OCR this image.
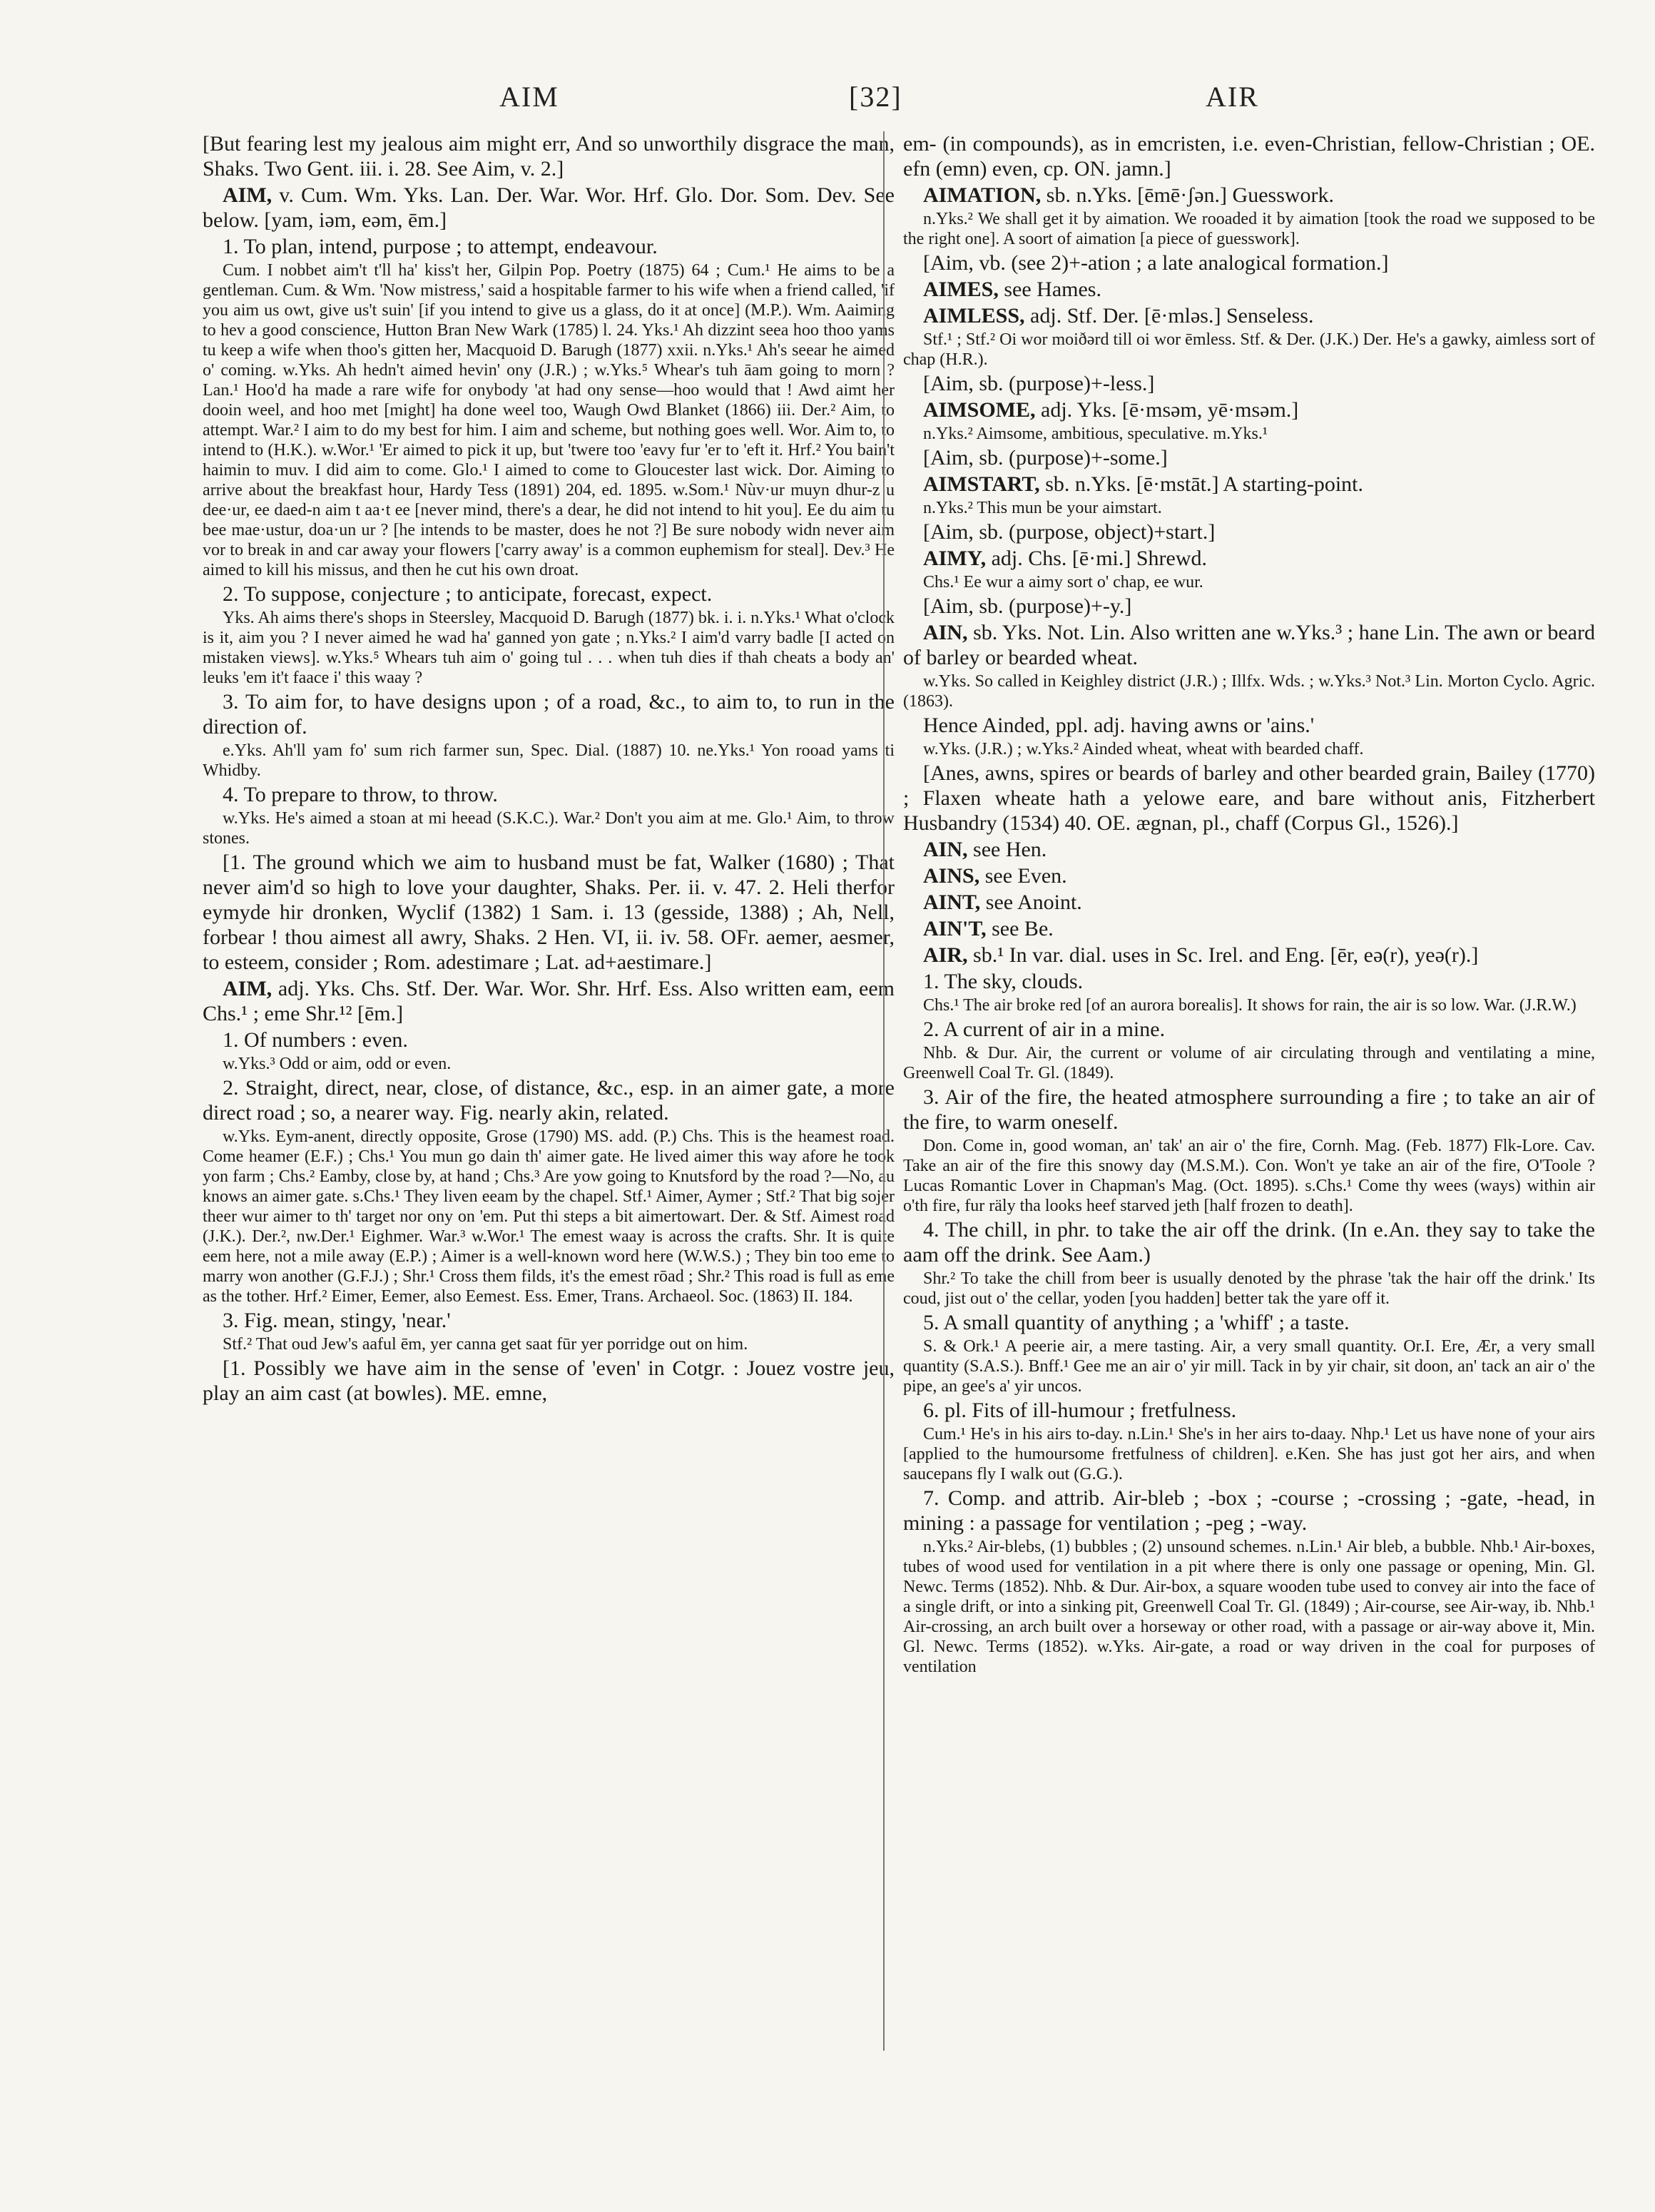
AIM	[32]	AIR

[But fearing lest my jealous aim might err, And so unworthily disgrace the man, Shaks. Two Gent. iii. i. 28. See Aim, v. 2.]

AIM, v. Cum. Wm. Yks. Lan. Der. War. Wor. Hrf. Glo. Dor. Som. Dev. See below. [yam, iəm, eəm, ēm.]

1. To plan, intend, purpose ; to attempt, endeavour.

Cum. I nobbet aim't t'll ha' kiss't her, Gilpin Pop. Poetry (1875) 64 ; Cum.¹ He aims to be a gentleman. Cum. & Wm. 'Now mistress,' said a hospitable farmer to his wife when a friend called, 'if you aim us owt, give us't suin' [if you intend to give us a glass, do it at once] (M.P.). Wm. Aaiming to hev a good conscience, Hutton Bran New Wark (1785) l. 24. Yks.¹ Ah dizzint seea hoo thoo yams tu keep a wife when thoo's gitten her, Macquoid D. Barugh (1877) xxii. n.Yks.¹ Ah's seear he aimed o' coming. w.Yks. Ah hedn't aimed hevin' ony (J.R.) ; w.Yks.⁵ Whear's tuh āam going to morn ? Lan.¹ Hoo'd ha made a rare wife for onybody 'at had ony sense—hoo would that ! Awd aimt her dooin weel, and hoo met [might] ha done weel too, Waugh Owd Blanket (1866) iii. Der.² Aim, to attempt. War.² I aim to do my best for him. I aim and scheme, but nothing goes well. Wor. Aim to, to intend to (H.K.). w.Wor.¹ 'Er aimed to pick it up, but 'twere too 'eavy fur 'er to 'eft it. Hrf.² You bain't haimin to muv. I did aim to come. Glo.¹ I aimed to come to Gloucester last wick. Dor. Aiming to arrive about the breakfast hour, Hardy Tess (1891) 204, ed. 1895. w.Som.¹ Nùv·ur muyn dhur-z u dee·ur, ee daed-n aim t aa·t ee [never mind, there's a dear, he did not intend to hit you]. Ee du aim tu bee mae·ustur, doa·un ur ? [he intends to be master, does he not ?] Be sure nobody widn never aim vor to break in and car away your flowers ['carry away' is a common euphemism for steal]. Dev.³ He aimed to kill his missus, and then he cut his own droat.

2. To suppose, conjecture ; to anticipate, forecast, expect.

Yks. Ah aims there's shops in Steersley, Macquoid D. Barugh (1877) bk. i. i. n.Yks.¹ What o'clock is it, aim you ? I never aimed he wad ha' ganned yon gate ; n.Yks.² I aim'd varry badle [I acted on mistaken views]. w.Yks.⁵ Whears tuh aim o' going tul . . . when tuh dies if thah cheats a body an' leuks 'em it't faace i' this waay ?

3. To aim for, to have designs upon ; of a road, &c., to aim to, to run in the direction of.

e.Yks. Ah'll yam fo' sum rich farmer sun, Spec. Dial. (1887) 10. ne.Yks.¹ Yon rooad yams ti Whidby.

4. To prepare to throw, to throw.

w.Yks. He's aimed a stoan at mi heead (S.K.C.). War.² Don't you aim at me. Glo.¹ Aim, to throw stones.

[1. The ground which we aim to husband must be fat, Walker (1680) ; That never aim'd so high to love your daughter, Shaks. Per. ii. v. 47. 2. Heli therfor eymyde hir dronken, Wyclif (1382) 1 Sam. i. 13 (gesside, 1388) ; Ah, Nell, forbear ! thou aimest all awry, Shaks. 2 Hen. VI, ii. iv. 58. OFr. aemer, aesmer, to esteem, consider ; Rom. adestimare ; Lat. ad+aestimare.]

AIM, adj. Yks. Chs. Stf. Der. War. Wor. Shr. Hrf. Ess. Also written eam, eem Chs.¹ ; eme Shr.¹² [ēm.]

1. Of numbers : even.

w.Yks.³ Odd or aim, odd or even.

2. Straight, direct, near, close, of distance, &c., esp. in an aimer gate, a more direct road ; so, a nearer way. Fig. nearly akin, related.

w.Yks. Eym-anent, directly opposite, Grose (1790) MS. add. (P.) Chs. This is the heamest road. Come heamer (E.F.) ; Chs.¹ You mun go dain th' aimer gate. He lived aimer this way afore he took yon farm ; Chs.² Eamby, close by, at hand ; Chs.³ Are yow going to Knutsford by the road ?—No, au knows an aimer gate. s.Chs.¹ They liven eeam by the chapel. Stf.¹ Aimer, Aymer ; Stf.² That big sojer theer wur aimer to th' target nor ony on 'em. Put thi steps a bit aimertowart. Der. & Stf. Aimest road (J.K.). Der.², nw.Der.¹ Eighmer. War.³ w.Wor.¹ The emest waay is across the crafts. Shr. It is quite eem here, not a mile away (E.P.) ; Aimer is a well-known word here (W.W.S.) ; They bin too eme to marry won another (G.F.J.) ; Shr.¹ Cross them filds, it's the emest rōad ; Shr.² This road is full as eme as the tother. Hrf.² Eimer, Eemer, also Eemest. Ess. Emer, Trans. Archaeol. Soc. (1863) II. 184.

3. Fig. mean, stingy, 'near.'

Stf.² That oud Jew's aaful ēm, yer canna get saat fūr yer porridge out on him.

[1. Possibly we have aim in the sense of 'even' in Cotgr. : Jouez vostre jeu, play an aim cast (at bowles). ME. emne,

em- (in compounds), as in emcristen, i.e. even-Christian, fellow-Christian ; OE. efn (emn) even, cp. ON. jamn.]

AIMATION, sb. n.Yks. [ēmē·ʃən.] Guesswork.

n.Yks.² We shall get it by aimation. We rooaded it by aimation [took the road we supposed to be the right one]. A soort of aimation [a piece of guesswork].

[Aim, vb. (see 2)+-ation ; a late analogical formation.]

AIMES, see Hames.

AIMLESS, adj. Stf. Der. [ē·mləs.] Senseless.

Stf.¹ ; Stf.² Oi wor moiðərd till oi wor ēmless. Stf. & Der. (J.K.) Der. He's a gawky, aimless sort of chap (H.R.).

[Aim, sb. (purpose)+-less.]

AIMSOME, adj. Yks. [ē·msəm, yē·msəm.]

n.Yks.² Aimsome, ambitious, speculative. m.Yks.¹

[Aim, sb. (purpose)+-some.]

AIMSTART, sb. n.Yks. [ē·mstāt.] A starting-point.

n.Yks.² This mun be your aimstart.

[Aim, sb. (purpose, object)+start.]

AIMY, adj. Chs. [ē·mi.] Shrewd.

Chs.¹ Ee wur a aimy sort o' chap, ee wur.

[Aim, sb. (purpose)+-y.]

AIN, sb. Yks. Not. Lin. Also written ane w.Yks.³ ; hane Lin. The awn or beard of barley or bearded wheat.

w.Yks. So called in Keighley district (J.R.) ; Illfx. Wds. ; w.Yks.³ Not.³ Lin. Morton Cyclo. Agric. (1863).

Hence Ainded, ppl. adj. having awns or 'ains.'

w.Yks. (J.R.) ; w.Yks.² Ainded wheat, wheat with bearded chaff.

[Anes, awns, spires or beards of barley and other bearded grain, Bailey (1770) ; Flaxen wheate hath a yelowe eare, and bare without anis, Fitzherbert Husbandry (1534) 40. OE. ægnan, pl., chaff (Corpus Gl., 1526).]

AIN, see Hen.

AINS, see Even.

AINT, see Anoint.

AIN'T, see Be.

AIR, sb.¹ In var. dial. uses in Sc. Irel. and Eng. [ēr, eə(r), yeə(r).]

1. The sky, clouds.

Chs.¹ The air broke red [of an aurora borealis]. It shows for rain, the air is so low. War. (J.R.W.)

2. A current of air in a mine.

Nhb. & Dur. Air, the current or volume of air circulating through and ventilating a mine, Greenwell Coal Tr. Gl. (1849).

3. Air of the fire, the heated atmosphere surrounding a fire ; to take an air of the fire, to warm oneself.

Don. Come in, good woman, an' tak' an air o' the fire, Cornh. Mag. (Feb. 1877) Flk-Lore. Cav. Take an air of the fire this snowy day (M.S.M.). Con. Won't ye take an air of the fire, O'Toole ? Lucas Romantic Lover in Chapman's Mag. (Oct. 1895). s.Chs.¹ Come thy wees (ways) within air o'th fire, fur räly tha looks heef starved jeth [half frozen to death].

4. The chill, in phr. to take the air off the drink. (In e.An. they say to take the aam off the drink. See Aam.)

Shr.² To take the chill from beer is usually denoted by the phrase 'tak the hair off the drink.' Its coud, jist out o' the cellar, yoden [you hadden] better tak the yare off it.

5. A small quantity of anything ; a 'whiff' ; a taste.

S. & Ork.¹ A peerie air, a mere tasting. Air, a very small quantity. Or.I. Ere, Ær, a very small quantity (S.A.S.). Bnff.¹ Gee me an air o' yir mill. Tack in by yir chair, sit doon, an' tack an air o' the pipe, an gee's a' yir uncos.

6. pl. Fits of ill-humour ; fretfulness.

Cum.¹ He's in his airs to-day. n.Lin.¹ She's in her airs to-daay. Nhp.¹ Let us have none of your airs [applied to the humoursome fretfulness of children]. e.Ken. She has just got her airs, and when saucepans fly I walk out (G.G.).

7. Comp. and attrib. Air-bleb ; -box ; -course ; -crossing ; -gate, -head, in mining : a passage for ventilation ; -peg ; -way.

n.Yks.² Air-blebs, (1) bubbles ; (2) unsound schemes. n.Lin.¹ Air bleb, a bubble. Nhb.¹ Air-boxes, tubes of wood used for ventilation in a pit where there is only one passage or opening, Min. Gl. Newc. Terms (1852). Nhb. & Dur. Air-box, a square wooden tube used to convey air into the face of a single drift, or into a sinking pit, Greenwell Coal Tr. Gl. (1849) ; Air-course, see Air-way, ib. Nhb.¹ Air-crossing, an arch built over a horseway or other road, with a passage or air-way above it, Min. Gl. Newc. Terms (1852). w.Yks. Air-gate, a road or way driven in the coal for purposes of ventilation
